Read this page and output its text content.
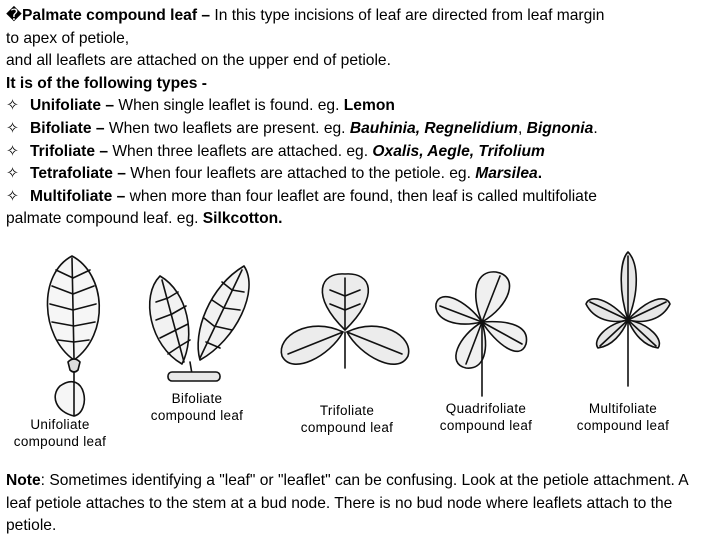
�Palmate compound leaf – In this type incisions of leaf are directed from leaf margin
to apex of petiole,
and all leaflets are attached on the upper end of petiole.
It is of the following types -
✧ Unifoliate – When single leaflet is found. eg. Lemon
✧ Bifoliate – When two leaflets are present. eg. Bauhinia, Regnelidium, Bignonia.
✧ Trifoliate – When three leaflets are attached. eg. Oxalis, Aegle, Trifolium
✧ Tetrafoliate – When four leaflets are attached to the petiole. eg. Marsilea.
✧ Multifoliate – when more than four leaflet are found, then leaf is called multifoliate
palmate compound leaf. eg. Silkcotton.
Unifoliate
compound leaf
Bifoliate
compound leaf	Trifoliate
compound leaf
Quadrifoliate
compound leaf
Multifoliate
compound leaf
Note: Sometimes identifying a "leaf" or "leaflet" can be confusing. Look at the petiole attachment. A leaf petiole attaches to the stem at a bud node. There is no bud node where leaflets attach to the petiole.
